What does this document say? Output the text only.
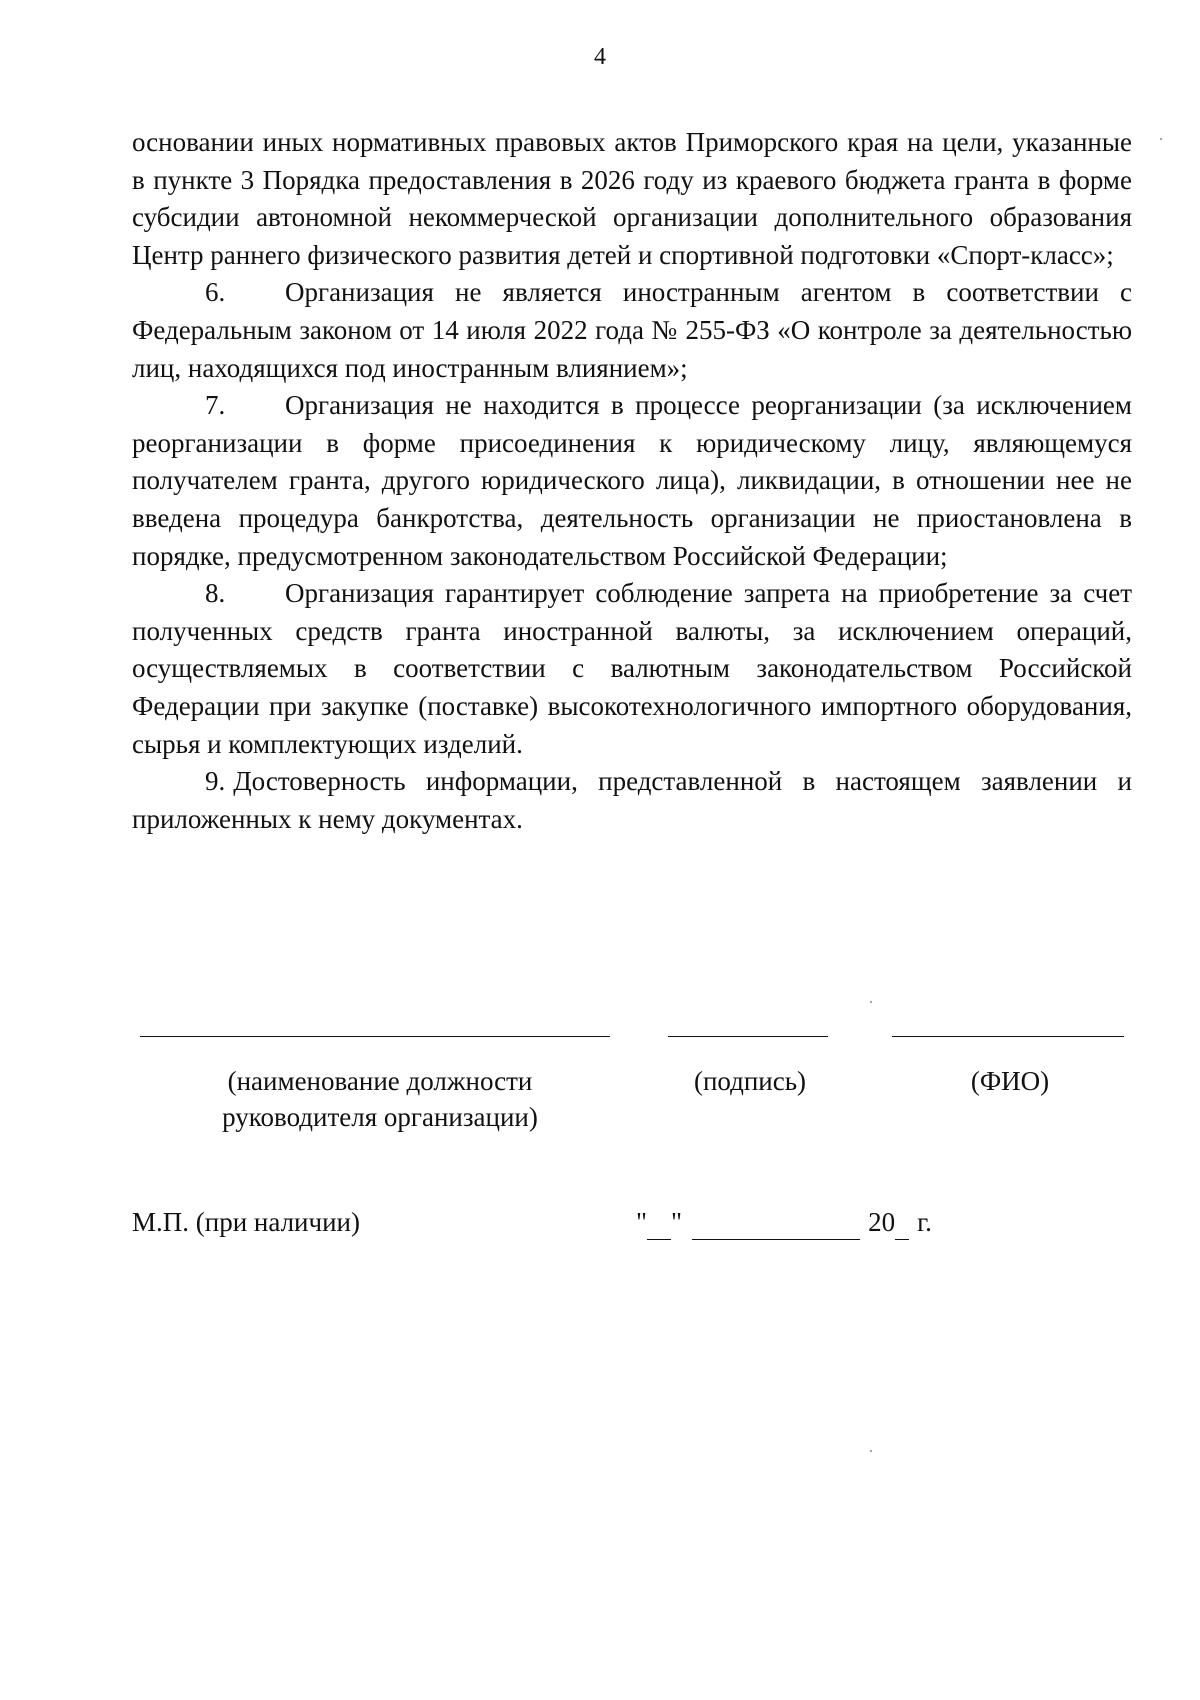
4

основании иных нормативных правовых актов Приморского края на цели, указанные в пункте 3 Порядка предоставления в 2026 году из краевого бюджета гранта в форме субсидии автономной некоммерческой организации дополнительного образования Центр раннего физического развития детей и спортивной подготовки «Спорт-класс»;

6. Организация не является иностранным агентом в соответствии с Федеральным законом от 14 июля 2022 года № 255-ФЗ «О контроле за деятельностью лиц, находящихся под иностранным влиянием»;

7. Организация не находится в процессе реорганизации (за исключением реорганизации в форме присоединения к юридическому лицу, являющемуся получателем гранта, другого юридического лица), ликвидации, в отношении нее не введена процедура банкротства, деятельность организации не приостановлена в порядке, предусмотренном законодательством Российской Федерации;

8. Организация гарантирует соблюдение запрета на приобретение за счет полученных средств гранта иностранной валюты, за исключением операций, осуществляемых в соответствии с валютным законодательством Российской Федерации при закупке (поставке) высокотехнологичного импортного оборудования, сырья и комплектующих изделий.

9. Достоверность информации, представленной в настоящем заявлении и приложенных к нему документах.

(наименование должности руководителя организации)
(подпись)	(ФИО)
М.П. (при наличии)	" "	20 г.
